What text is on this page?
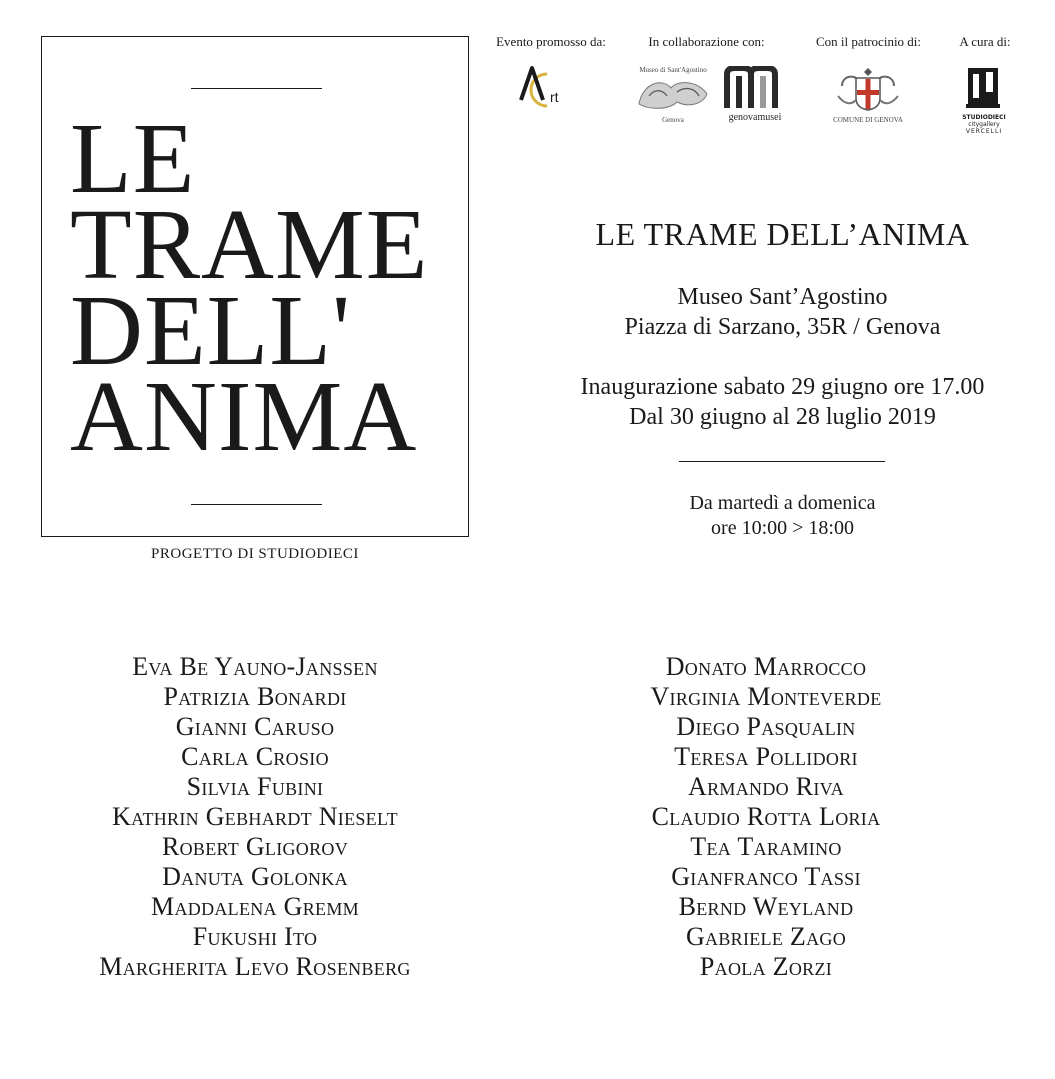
LE
TRAME
DELL'
ANIMA
PROGETTO DI STUDIODIECI
Evento promosso da:
rt
In collaborazione con:
Museo di Sant'Agostino
Genova	genovamusei
Con il patrocinio di:
COMUNE DI GENOVA
A cura di:
STUDIODIECI
citygallery
VERCELLI
LE TRAME DELL’ANIMA
Museo Sant’Agostino
Piazza di Sarzano, 35R / Genova
Inaugurazione sabato 29 giugno ore 17.00
Dal 30 giugno al 28 luglio 2019
Da martedì a domenica
ore 10:00 > 18:00
Eva Be Yauno-Janssen
Patrizia Bonardi
Gianni Caruso
Carla Crosio
Silvia Fubini
Kathrin Gebhardt Nieselt
Robert Gligorov
Danuta Golonka
Maddalena Gremm
Fukushi Ito
Margherita Levo Rosenberg
Donato Marrocco
Virginia Monteverde
Diego Pasqualin
Teresa Pollidori
Armando Riva
Claudio Rotta Loria
Tea Taramino
Gianfranco Tassi
Bernd Weyland
Gabriele Zago
Paola Zorzi
